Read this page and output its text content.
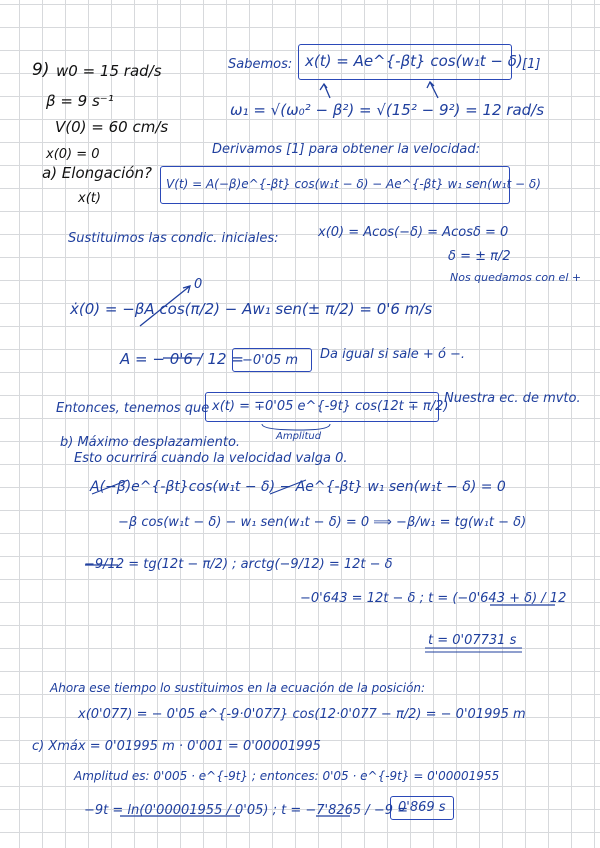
9) w0 = 15 rad/s
β = 9 s⁻¹
V(0) = 60 cm/s
x(0) = 0
a) Elongación?
x(t)
Sabemos: x(t) = Ae^{-βt} cos(w₁t − δ) [1]
ω₁ = √(ω₀² − β²) = √(15² − 9²) = 12 rad/s
Derivamos [1] para obtener la velocidad:
V(t) = A(−β)e^{-βt} cos(w₁t − δ) − Ae^{-βt} w₁ sen(w₁t − δ)
Sustituimos las condic. iniciales:	x(0) = Acos(−δ) = Acosδ = 0
δ = ± π/2
Nos quedamos con el +
0
ẋ(0) = −βA cos(π/2) − Aw₁ sen(± π/2) = 0'6 m/s
A = − 0'6 / 12 =
−0'05 m Da igual si sale + ó −.
Entonces, tenemos que x(t) = ∓0'05 e^{-9t} cos(12t ∓ π/2)
Nuestra ec. de mvto.
Amplitud
b) Máximo desplazamiento.
Esto ocurrirá cuando la velocidad valga 0.
A(−β)e^{-βt}cos(w₁t − δ) − Ae^{-βt} w₁ sen(w₁t − δ) = 0
−β cos(w₁t − δ) − w₁ sen(w₁t − δ) = 0 ⟹ −β/w₁ = tg(w₁t − δ)
−9/12 = tg(12t − π/2) ; arctg(−9/12) = 12t − δ
−0'643 = 12t − δ ; t = (−0'643 + δ) / 12
t = 0'07731 s
Ahora ese tiempo lo sustituimos en la ecuación de la posición:
x(0'077) = − 0'05 e^{-9·0'077} cos(12·0'077 − π/2) = − 0'01995 m
c) Xmáx = 0'01995 m · 0'001 = 0'00001995
Amplitud es: 0'005 · e^{-9t} ; entonces: 0'05 · e^{-9t} = 0'00001955
−9t = ln(0'00001955 / 0'05) ; t = −7'8265 / −9 =
0'869 s
